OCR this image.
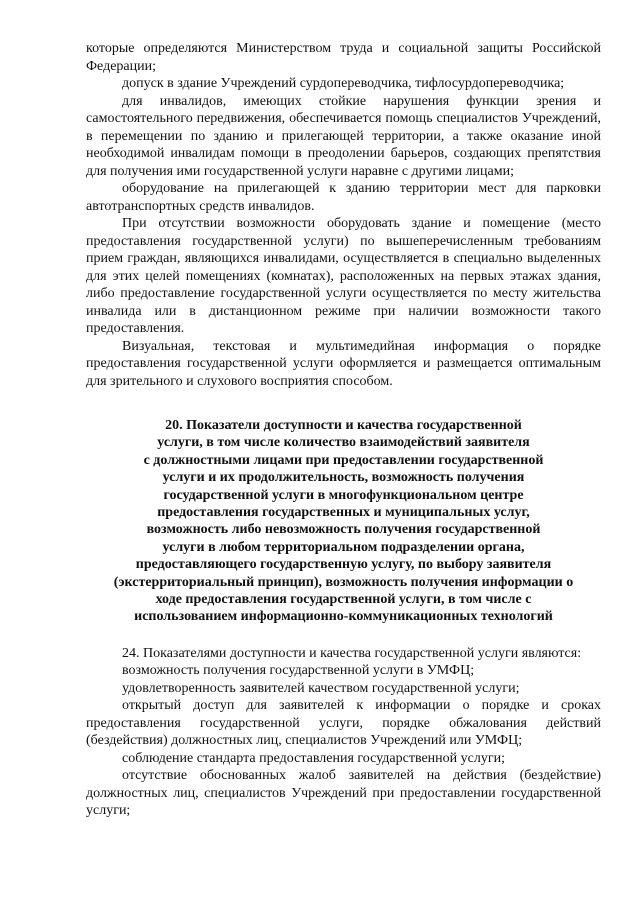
которые определяются Министерством труда и социальной защиты Российской Федерации;

допуск в здание Учреждений сурдопереводчика, тифлосурдопереводчика;

для инвалидов, имеющих стойкие нарушения функции зрения и самостоятельного передвижения, обеспечивается помощь специалистов Учреждений, в перемещении по зданию и прилегающей территории, а также оказание иной необходимой инвалидам помощи в преодолении барьеров, создающих препятствия для получения ими государственной услуги наравне с другими лицами;

оборудование на прилегающей к зданию территории мест для парковки автотранспортных средств инвалидов.

При отсутствии возможности оборудовать здание и помещение (место предоставления государственной услуги) по вышеперечисленным требованиям прием граждан, являющихся инвалидами, осуществляется в специально выделенных для этих целей помещениях (комнатах), расположенных на первых этажах здания, либо предоставление государственной услуги осуществляется по месту жительства инвалида или в дистанционном режиме при наличии возможности такого предоставления.

Визуальная, текстовая и мультимедийная информация о порядке предоставления государственной услуги оформляется и размещается оптимальным для зрительного и слухового восприятия способом.

20. Показатели доступности и качества государственной
услуги, в том числе количество взаимодействий заявителя
с должностными лицами при предоставлении государственной
услуги и их продолжительность, возможность получения
государственной услуги в многофункциональном центре
предоставления государственных и муниципальных услуг,
возможность либо невозможность получения государственной
услуги в любом территориальном подразделении органа,
предоставляющего государственную услугу, по выбору заявителя
(экстерриториальный принцип), возможность получения информации о
ходе предоставления государственной услуги, в том числе с
использованием информационно-коммуникационных технологий

24. Показателями доступности и качества государственной услуги являются:

возможность получения государственной услуги в УМФЦ;

удовлетворенность заявителей качеством государственной услуги;

открытый доступ для заявителей к информации о порядке и сроках предоставления государственной услуги, порядке обжалования действий (бездействия) должностных лиц, специалистов Учреждений или УМФЦ;

соблюдение стандарта предоставления государственной услуги;

отсутствие обоснованных жалоб заявителей на действия (бездействие) должностных лиц, специалистов Учреждений при предоставлении государственной услуги;
